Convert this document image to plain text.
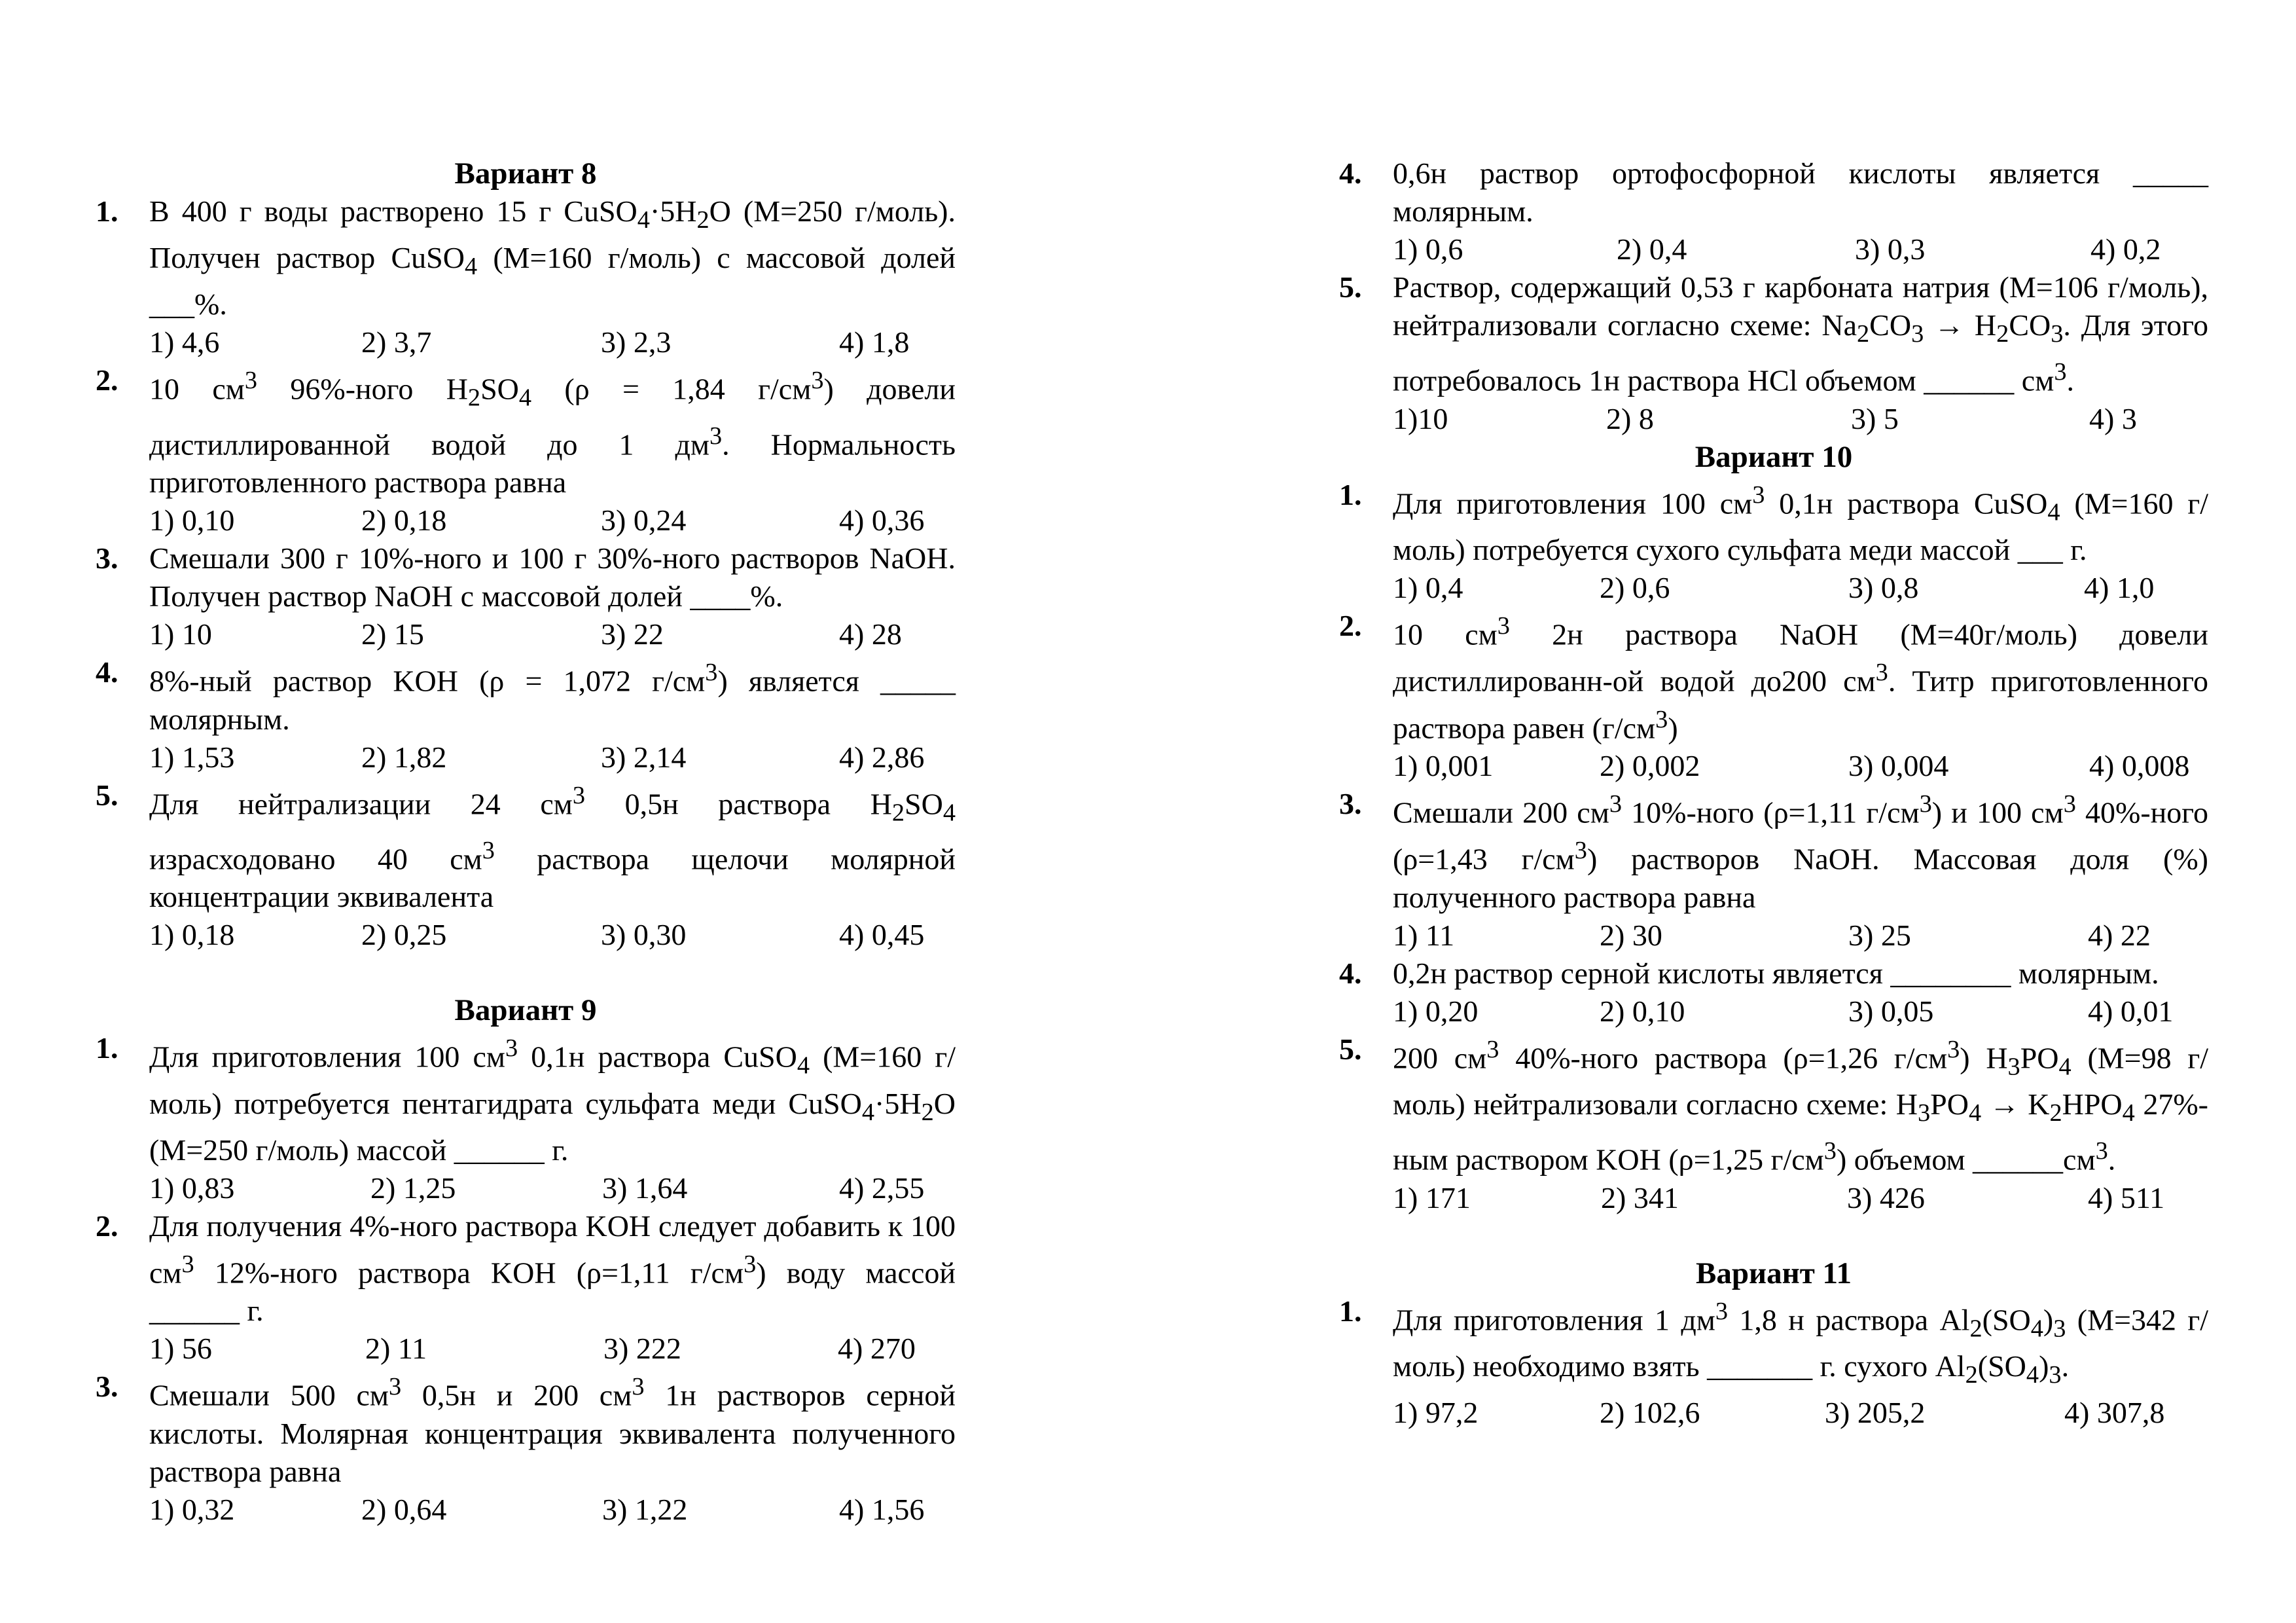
Вариант 8
1.	В 400 г воды растворено 15 г $CuSO_4\cdot 5H_2O$ (M=250 г/моль). Получен раствор CuSO$_4$ (M=160 г/моль) с массовой долей ___%.
1) 4,6	2) 3,7	3) 2,3	4) 1,8
2.	10 $см^3$ 96%-ного $H_2SO_4$ (ρ = 1,84 $г/см^3$) довели дистиллированной водой до 1 $дм^3$. Нормальность приготовленного раствора равна
1) 0,10	2) 0,18	3) 0,24	4) 0,36
3.	Смешали 300 г 10%-ного и 100 г 30%-ного растворов NaOH. Получен раствор NaOH с массовой долей ____%.
1) 10	2) 15	3) 22	4) 28
4.	8%-ный раствор KOH (ρ = 1,072 $г/см^3$) является _____ молярным.
1) 1,53	2) 1,82	3) 2,14	4) 2,86
5.	Для нейтрализации 24 $см^3$ 0,5н раствора $H_2SO_4$ израсходовано 40 $см^3$ раствора щелочи молярной концентрации эквивалента
1) 0,18	2) 0,25	3) 0,30	4) 0,45
Вариант 9
1.	Для приготовления 100 $см^3$ 0,1н раствора CuSO$_4$ (M=160 г/моль) потребуется пентагидрата сульфата меди $CuSO_4\cdot 5H_2O$ (M=250 г/моль) массой ______ г.
1) 0,83	2) 1,25	3) 1,64	4) 2,55
2.	Для получения 4%-ного раствора KOH следует добавить к 100 $см^3$ 12%-ного раствора KOH (ρ=1,11 $г/см^3$) воду массой ______ г.
1) 56	2) 11	3) 222	4) 270
3.	Смешали 500 $см^3$ 0,5н и 200 $см^3$ 1н растворов серной кислоты. Молярная концентрация эквивалента полученного раствора равна
1) 0,32	2) 0,64	3) 1,22	4) 1,56
4.	0,6н раствор ортофосфорной кислоты является _____ молярным.
1) 0,6	2) 0,4	3) 0,3	4) 0,2
5.	Раствор, содержащий 0,53 г карбоната натрия (M=106 г/моль), нейтрализовали согласно схеме: $Na_2CO_3 \to H_2CO_3$. Для этого потребовалось 1н раствора HCl объемом ______ $см^3$.
1)10	2) 8	3) 5	4) 3
Вариант 10
1.	Для приготовления 100 $см^3$ 0,1н раствора CuSO$_4$ (M=160 г/моль) потребуется сухого сульфата меди массой ___ г.
1) 0,4	2) 0,6	3) 0,8	4) 1,0
2.	10 $см^3$ 2н раствора NaOH (M=40г/моль) довели дистиллированн-ой водой до200 $см^3$. Титр приготовленного раствора равен $(г/см^3)$
1) 0,001	2) 0,002	3) 0,004	4) 0,008
3.	Смешали 200 $см^3$ 10%-ного (ρ=1,11 $г/см^3$) и 100 $см^3$ 40%-ного (ρ=1,43 $г/см^3$) растворов NaOH. Массовая доля (%) полученного раствора равна
1) 11	2) 30	3) 25	4) 22
4.	0,2н раствор серной кислоты является ________ молярным.
1) 0,20	2) 0,10	3) 0,05	4) 0,01
5.	200 $см^3$ 40%-ного раствора (ρ=1,26 $г/см^3$) $H_3PO_4$ (M=98 г/моль) нейтрализовали согласно схеме: $H_3PO_4 \to K_2HPO_4$ 27%-ным раствором KOH (ρ=1,25 $г/см^3$) объемом $\_\_\_\_\_\_см^3$.
1) 171	2) 341	3) 426	4) 511
Вариант 11
1.	Для приготовления 1 $дм^3$ 1,8 н раствора $Al_2(SO_4)_3$ (M=342 г/моль) необходимо взять _______ г. сухого $Al_2(SO_4)_3$.
1) 97,2	2) 102,6	3) 205,2	4) 307,8
